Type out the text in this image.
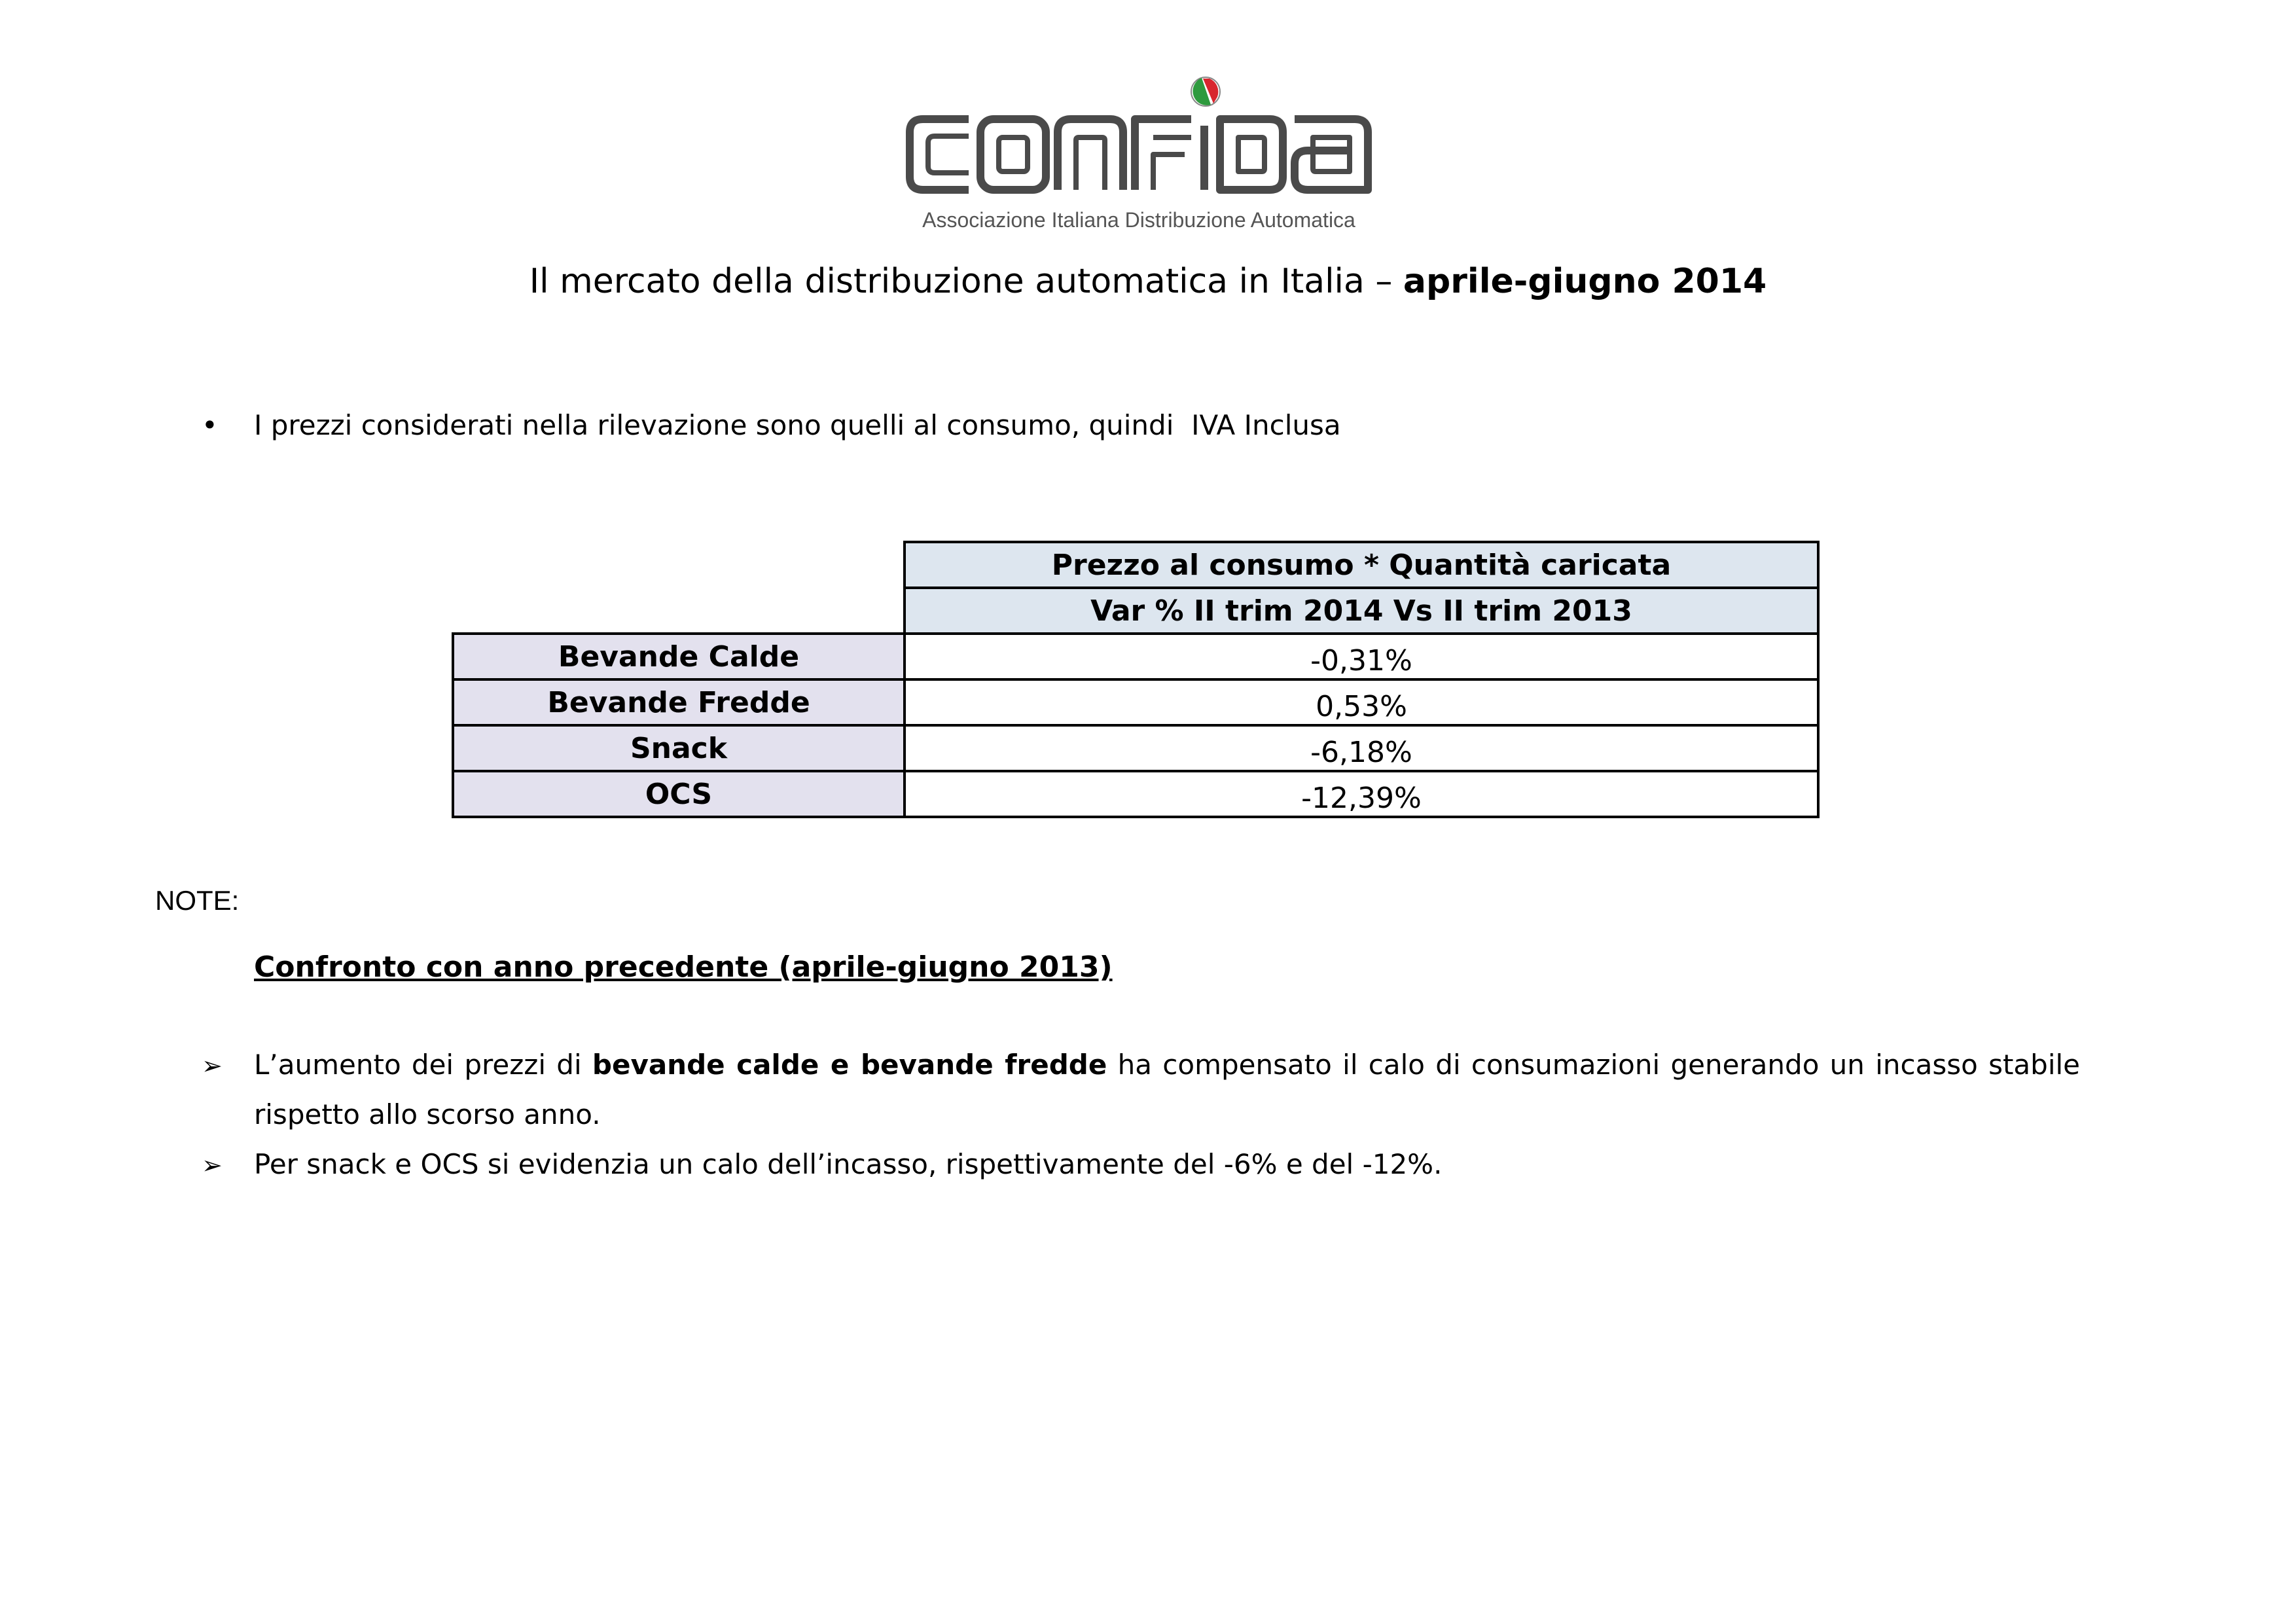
Associazione Italiana Distribuzione Automatica
Il mercato della distribuzione automatica in Italia – aprile-giugno 2014
• I prezzi considerati nella rilevazione sono quelli al consumo, quindi  IVA Inclusa
Prezzo al consumo * Quantità caricata
Var % II trim 2014 Vs II trim 2013
Bevande Calde	-0,31%
Bevande Fredde	0,53%
Snack	-6,18%
OCS	-12,39%
NOTE:
Confronto con anno precedente (aprile-giugno 2013)
➢ L’aumento dei prezzi di bevande calde e bevande fredde ha compensato il calo di consumazioni generando un incasso stabile
rispetto allo scorso anno.
➢ Per snack e OCS si evidenzia un calo dell’incasso, rispettivamente del -6% e del -12%.
